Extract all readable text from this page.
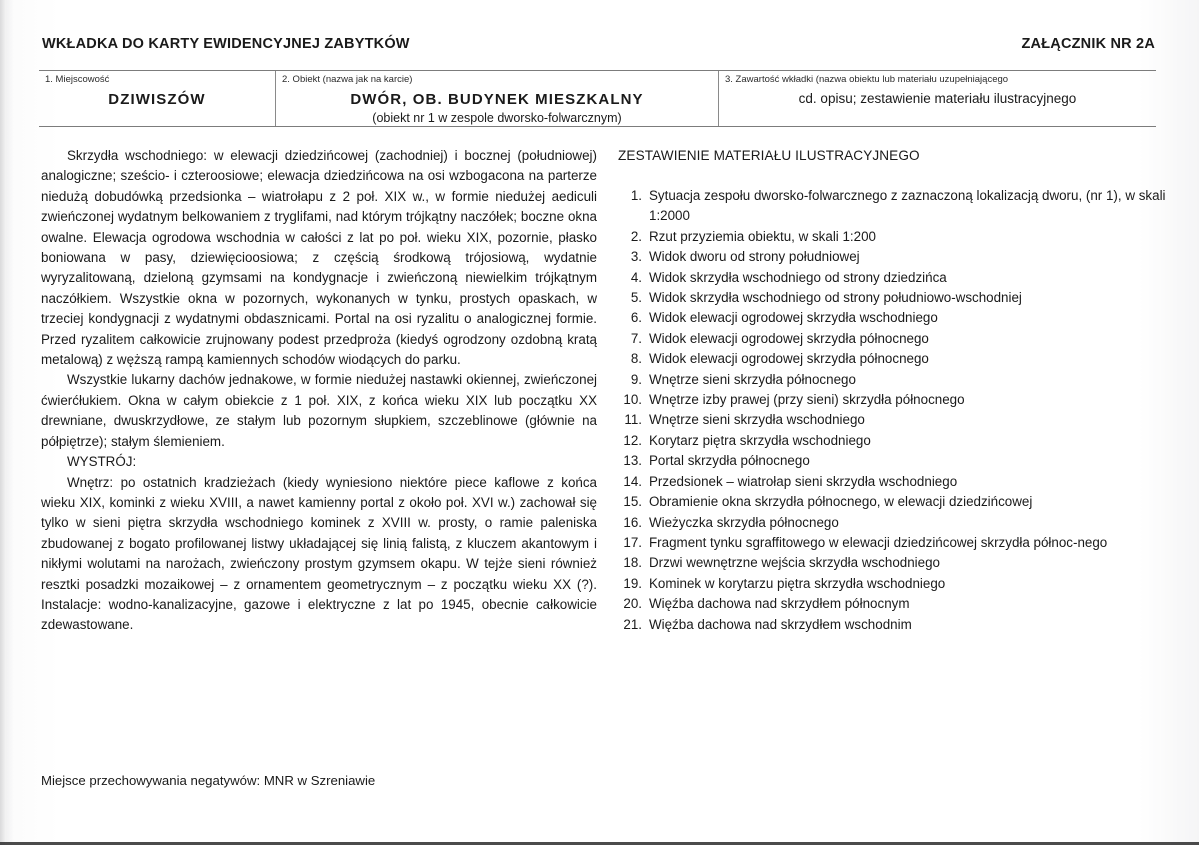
WKŁADKA DO KARTY EWIDENCYJNEJ ZABYTKÓW	ZAŁĄCZNIK NR 2A
1. Miejscowość
DZIWISZÓW
2. Obiekt (nazwa jak na karcie)
DWÓR, OB. BUDYNEK MIESZKALNY
(obiekt nr 1 w zespole dworsko-folwarcznym)
3. Zawartość wkładki (nazwa obiektu lub materiału uzupełniającego
cd. opisu; zestawienie materiału ilustracyjnego

Skrzydła wschodniego: w elewacji dziedzińcowej (zachodniej) i bocznej (południowej) analogiczne; sześcio- i czteroosiowe; elewacja dziedzińcowa na osi wzbogacona na parterze niedużą dobudówką przedsionka – wiatrołapu z 2 poł. XIX w., w formie niedużej aediculi zwieńczonej wydatnym belkowaniem z tryglifami, nad którym trójkątny naczółek; boczne okna owalne. Elewacja ogrodowa wschodnia w całości z lat po poł. wieku XIX, pozornie, płasko boniowana w pasy, dziewięcioosiowa; z częścią środkową trójosiową, wydatnie wyryzalitowaną, dzieloną gzymsami na kondygnacje i zwieńczoną niewielkim trójkątnym naczółkiem. Wszystkie okna w pozornych, wykonanych w tynku, prostych opaskach, w trzeciej kondygnacji z wydatnymi obdasznicami. Portal na osi ryzalitu o analogicznej formie. Przed ryzalitem całkowicie zrujnowany podest przedproża (kiedyś ogrodzony ozdobną kratą metalową) z węższą rampą kamiennych schodów wiodących do parku.

Wszystkie lukarny dachów jednakowe, w formie niedużej nastawki okiennej, zwieńczonej ćwierćłukiem. Okna w całym obiekcie z 1 poł. XIX, z końca wieku XIX lub początku XX drewniane, dwuskrzydłowe, ze stałym lub pozornym słupkiem, szczeblinowe (głównie na półpiętrze); stałym ślemieniem.

WYSTRÓJ:

Wnętrz: po ostatnich kradzieżach (kiedy wyniesiono niektóre piece kaflowe z końca wieku XIX, kominki z wieku XVIII, a nawet kamienny portal z około poł. XVI w.) zachował się tylko w sieni piętra skrzydła wschodniego kominek z XVIII w. prosty, o ramie paleniska zbudowanej z bogato profilowanej listwy układającej się linią falistą, z kluczem akantowym i nikłymi wolutami na narożach, zwieńczony prostym gzymsem okapu. W tejże sieni również resztki posadzki mozaikowej – z ornamentem geometrycznym – z początku wieku XX (?). Instalacje: wodno-kanalizacyjne, gazowe i elektryczne z lat po 1945, obecnie całkowicie zdewastowane.

ZESTAWIENIE MATERIAŁU ILUSTRACYJNEGO
1. Sytuacja zespołu dworsko-folwarcznego z zaznaczoną lokalizacją dworu, (nr 1), w skali 1:2000
2. Rzut przyziemia obiektu, w skali 1:200
3. Widok dworu od strony południowej
4. Widok skrzydła wschodniego od strony dziedzińca
5. Widok skrzydła wschodniego od strony południowo-wschodniej
6. Widok elewacji ogrodowej skrzydła wschodniego
7. Widok elewacji ogrodowej skrzydła północnego
8. Widok elewacji ogrodowej skrzydła północnego
9. Wnętrze sieni skrzydła północnego
10. Wnętrze izby prawej (przy sieni) skrzydła północnego
11. Wnętrze sieni skrzydła wschodniego
12. Korytarz piętra skrzydła wschodniego
13. Portal skrzydła północnego
14. Przedsionek – wiatrołap sieni skrzydła wschodniego
15. Obramienie okna skrzydła północnego, w elewacji dziedzińcowej
16. Wieżyczka skrzydła północnego
17. Fragment tynku sgraffitowego w elewacji dziedzińcowej skrzydła północ-nego
18. Drzwi wewnętrzne wejścia skrzydła wschodniego
19. Kominek w korytarzu piętra skrzydła wschodniego
20. Więźba dachowa nad skrzydłem północnym
21. Więźba dachowa nad skrzydłem wschodnim
Miejsce przechowywania negatywów: MNR w Szreniawie
